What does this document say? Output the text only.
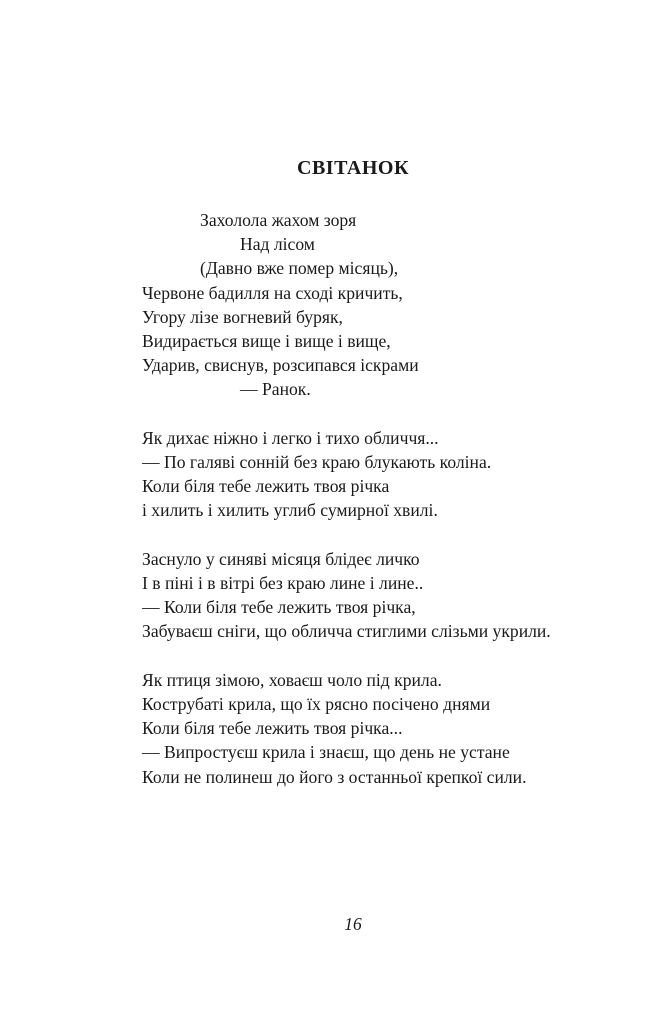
СВІТАНОК
Захолола жахом зоря
Над лісом
(Давно вже помер місяць),
Червоне бадилля на сході кричить,
Угору лізе вогневий буряк,
Видирається вище і вище і вище,
Ударив, свиснув, розсипався іскрами
— Ранок.
Як дихає ніжно і легко і тихо обличчя...
— По галяві сонній без краю блукають коліна.
Коли біля тебе лежить твоя річка
і хилить і хилить углиб сумирної хвилі.
Заснуло у синяві місяця блідеє личко
І в піні і в вітрі без краю лине і лине..
— Коли біля тебе лежить твоя річка,
Забуваєш сніги, що обличча стиглими слізьми укрили.
Як птиця зімою, ховаєш чоло під крила.
Кострубаті крила, що їх рясно посічено днями
Коли біля тебе лежить твоя річка...
— Випростуєш крила і знаєш, що день не устане
Коли не полинеш до його з останньої крепкої сили.
16
